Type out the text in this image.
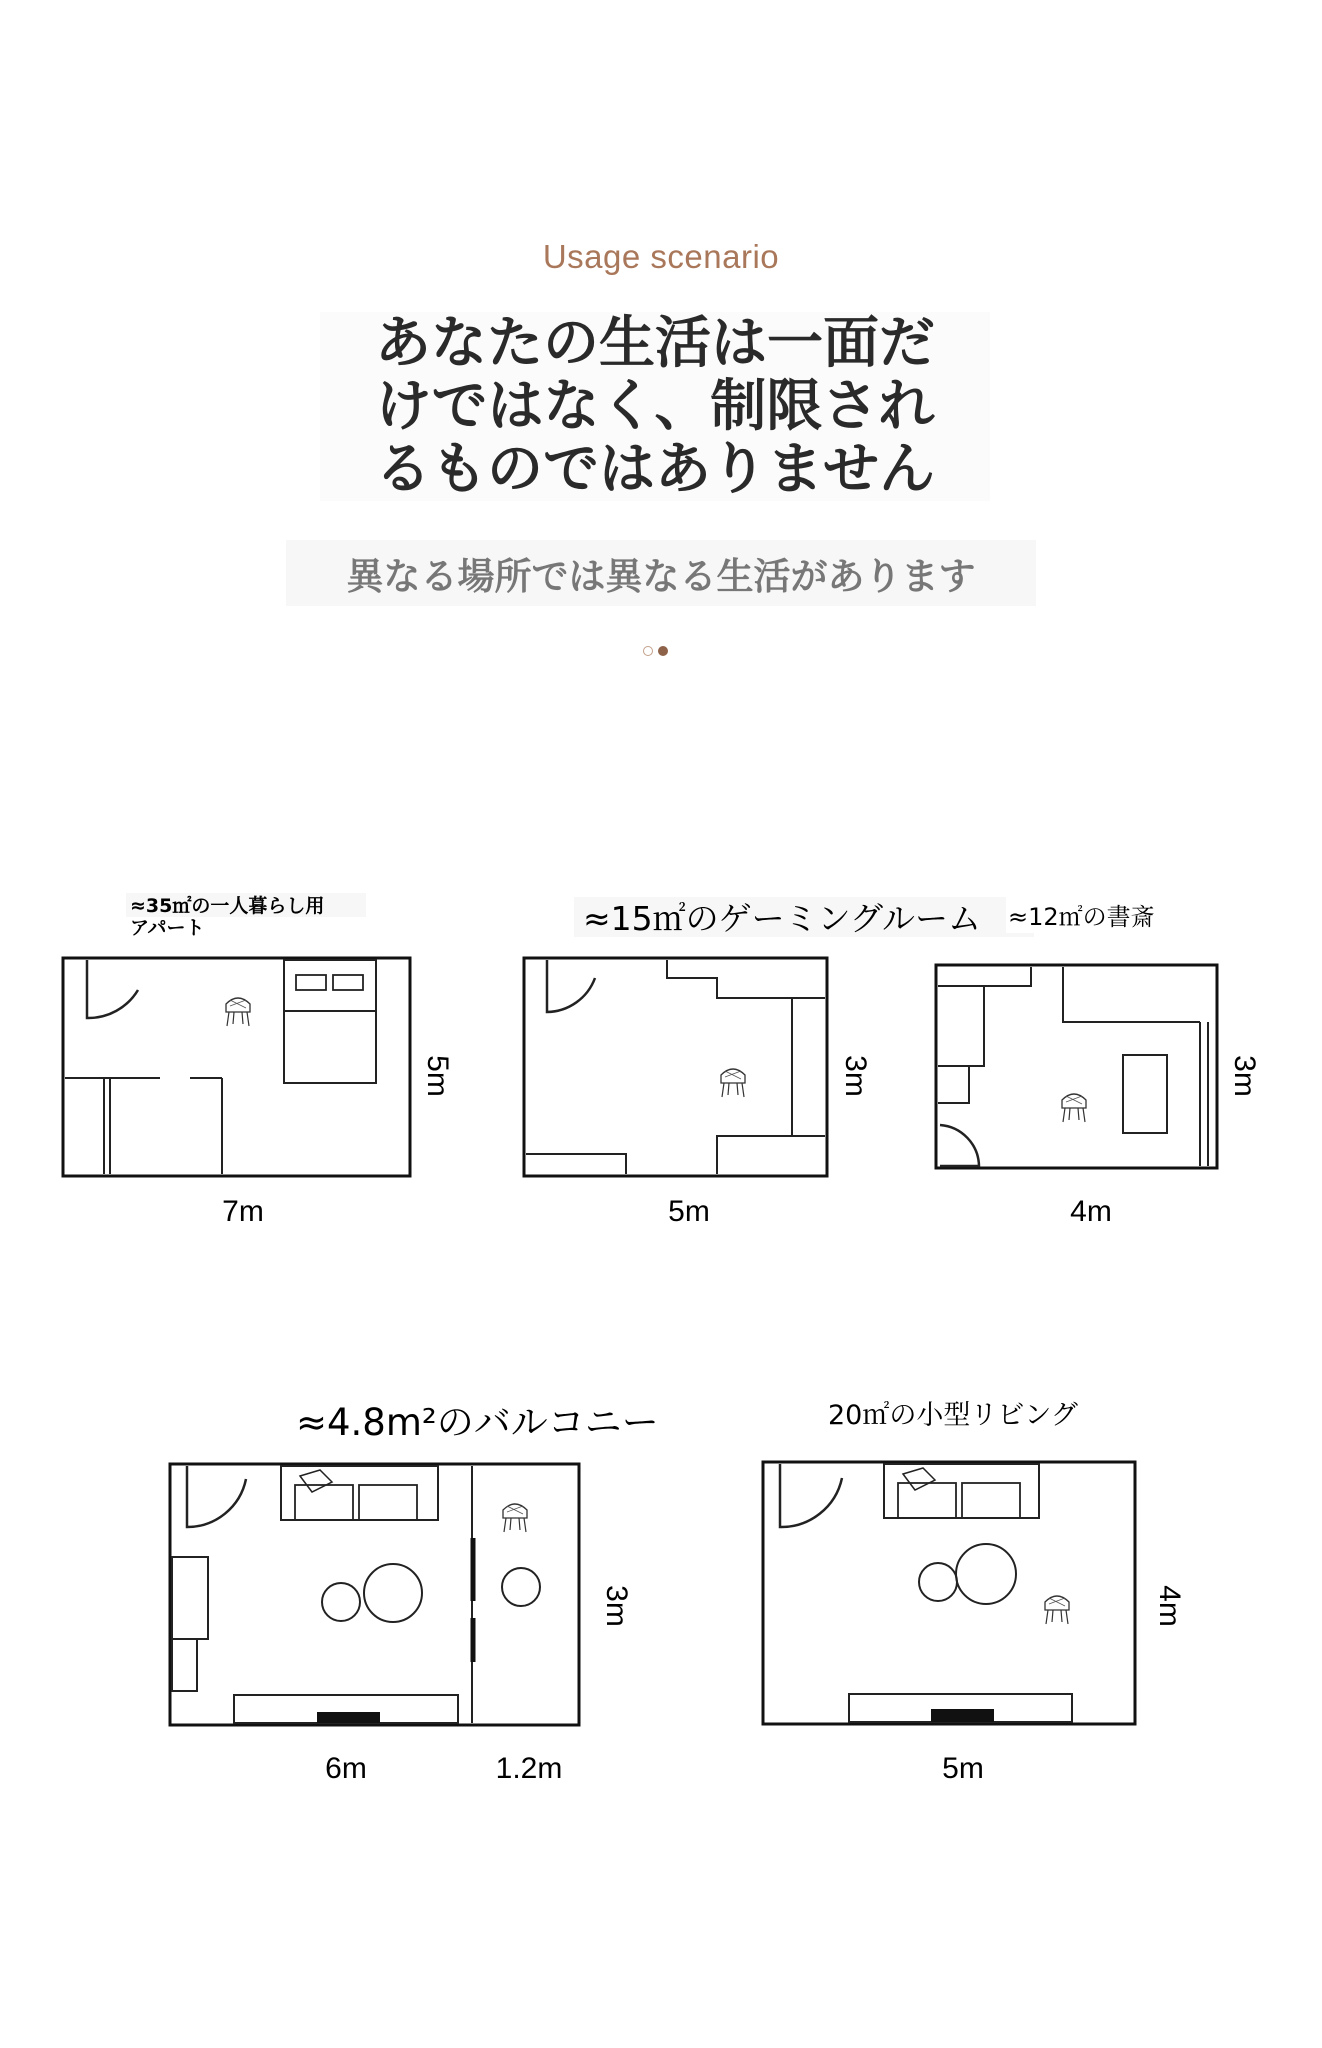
Usage scenario
あなたの生活は一面だ
けではなく、制限され
るものではありません
異なる場所では異なる生活があります
≈35㎡の一人暮らし用
アパート
7m
5m
≈15㎡のゲーミングルーム
5m
3m
≈12㎡の書斎
4m
3m
≈4.8m²のバルコニー
6m	1.2m
3m
20㎡の小型リビング
5m
4m
